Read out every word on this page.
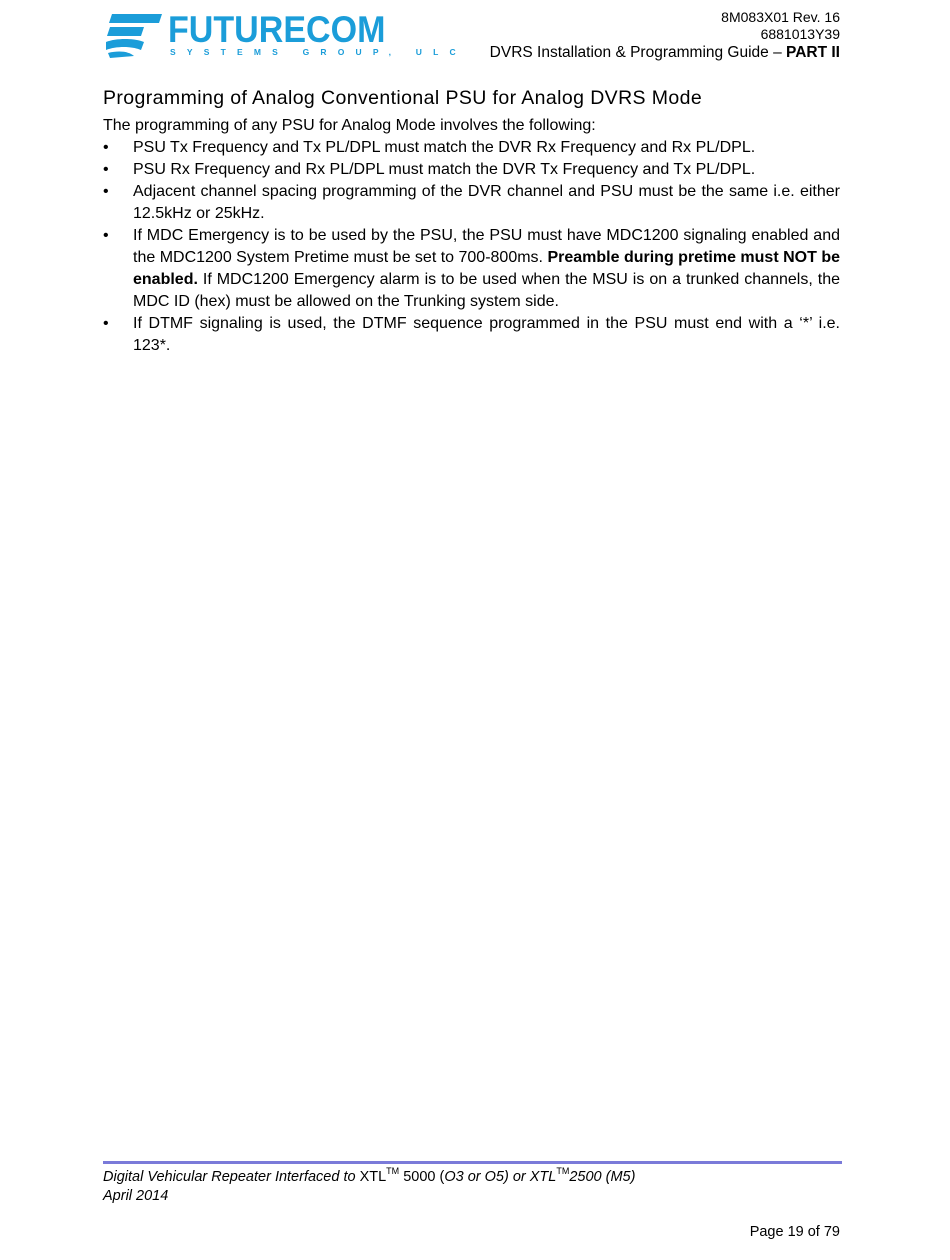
FUTURECOM
SYSTEMS GROUP, ULC
8M083X01 Rev. 16
6881013Y39
DVRS Installation & Programming Guide – PART II
Programming of Analog Conventional PSU for Analog DVRS Mode

The programming of any PSU for Analog Mode involves the following:

•	PSU Tx Frequency and Tx PL/DPL must match the DVR Rx Frequency and Rx PL/DPL.
•	PSU Rx Frequency and Rx PL/DPL must match the DVR Tx Frequency and Tx PL/DPL.
•	Adjacent channel spacing programming of the DVR channel and PSU must be the same i.e. either 12.5kHz or 25kHz.
•	If MDC Emergency is to be used by the PSU, the PSU must have MDC1200 signaling enabled and the MDC1200 System Pretime must be set to 700-800ms. Preamble during pretime must NOT be enabled. If MDC1200 Emergency alarm is to be used when the MSU is on a trunked channels, the MDC ID (hex) must be allowed on the Trunking system side.
•	If DTMF signaling is used, the DTMF sequence programmed in the PSU must end with a ‘*’ i.e. 123*.
Digital Vehicular Repeater Interfaced to XTL™ 5000 (O3 or O5) or XTL™2500 (M5)
April 2014
Page 19 of 79
